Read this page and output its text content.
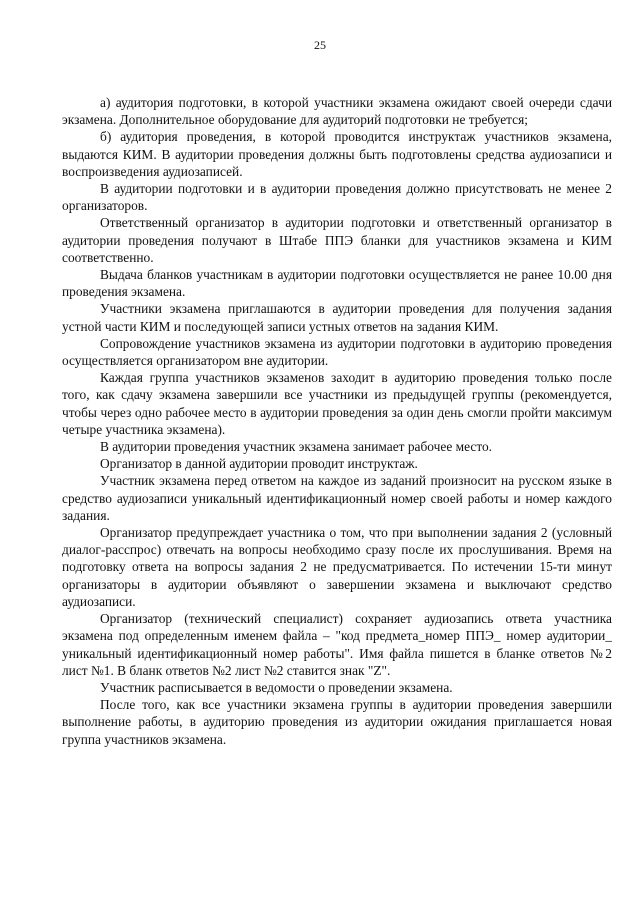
25

а) аудитория подготовки, в которой участники экзамена ожидают своей очереди сдачи экзамена. Дополнительное оборудование для аудиторий подготовки не требуется;

б) аудитория проведения, в которой проводится инструктаж участников экзамена, выдаются КИМ. В аудитории проведения должны быть подготовлены средства аудиозаписи и воспроизведения аудиозаписей.

В аудитории подготовки и в аудитории проведения должно присутствовать не менее 2 организаторов.

Ответственный организатор в аудитории подготовки и ответственный организатор в аудитории проведения получают в Штабе ППЭ бланки для участников экзамена и КИМ соответственно.

Выдача бланков участникам в аудитории подготовки осуществляется не ранее 10.00 дня проведения экзамена.

Участники экзамена приглашаются в аудитории проведения для получения задания устной части КИМ и последующей записи устных ответов на задания КИМ.

Сопровождение участников экзамена из аудитории подготовки в аудиторию проведения осуществляется организатором вне аудитории.

Каждая группа участников экзаменов заходит в аудиторию проведения только после того, как сдачу экзамена завершили все участники из предыдущей группы (рекомендуется, чтобы через одно рабочее место в аудитории проведения за один день смогли пройти максимум четыре участника экзамена).

В аудитории проведения участник экзамена занимает рабочее место.

Организатор в данной аудитории проводит инструктаж.

Участник экзамена перед ответом на каждое из заданий произносит на русском языке в средство аудиозаписи уникальный идентификационный номер своей работы и номер каждого задания.

Организатор предупреждает участника о том, что при выполнении задания 2 (условный диалог-расспрос) отвечать на вопросы необходимо сразу после их прослушивания. Время на подготовку ответа на вопросы задания 2 не предусматривается. По истечении 15-ти минут организаторы в аудитории объявляют о завершении экзамена и выключают средство аудиозаписи.

Организатор (технический специалист) сохраняет аудиозапись ответа участника экзамена под определенным именем файла – "код предмета_номер ППЭ_ номер аудитории_ уникальный идентификационный номер работы". Имя файла пишется в бланке ответов №2 лист №1. В бланк ответов №2 лист №2 ставится знак "Z".

Участник расписывается в ведомости о проведении экзамена.

После того, как все участники экзамена группы в аудитории проведения завершили выполнение работы, в аудиторию проведения из аудитории ожидания приглашается новая группа участников экзамена.
